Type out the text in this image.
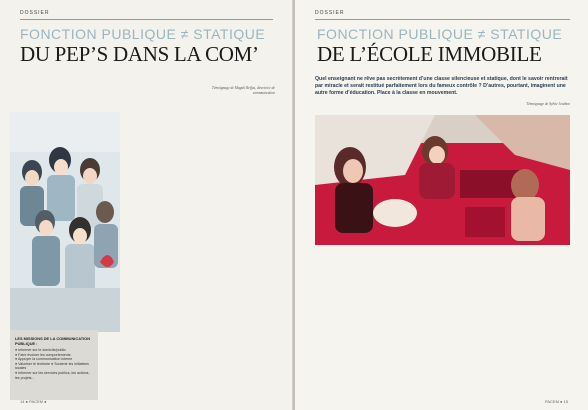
DOSSIER
FONCTION PUBLIQUE ≠ STATIQUE
DU PEP’S DANS LA COM’
Témoignage de Magali Reffas, directrice de communication
LES MISSIONS DE LA COMMUNICATION PUBLIQUE :
● Informer sur le domicile/public
● Faire évoluer les comportements
● Appuyer la communication interne
● Valoriser le territoire ● Soutenir les initiatives locales
● Informer sur les services publics, les actions, les projets...
14 ● PACEM ●
DOSSIER
FONCTION PUBLIQUE ≠ STATIQUE
DE L’ÉCOLE IMMOBILE
Quel enseignant ne rêve pas secrètement d’une classe silencieuse et statique, dont le savoir rentrerait par miracle et serait restitué parfaitement lors du fameux contrôle ? D’autres, pourtant, imaginent une autre forme d’éducation. Place à la classe en mouvement.
Témoignage de Sylvie Jeuthon
PACEM ● 15
